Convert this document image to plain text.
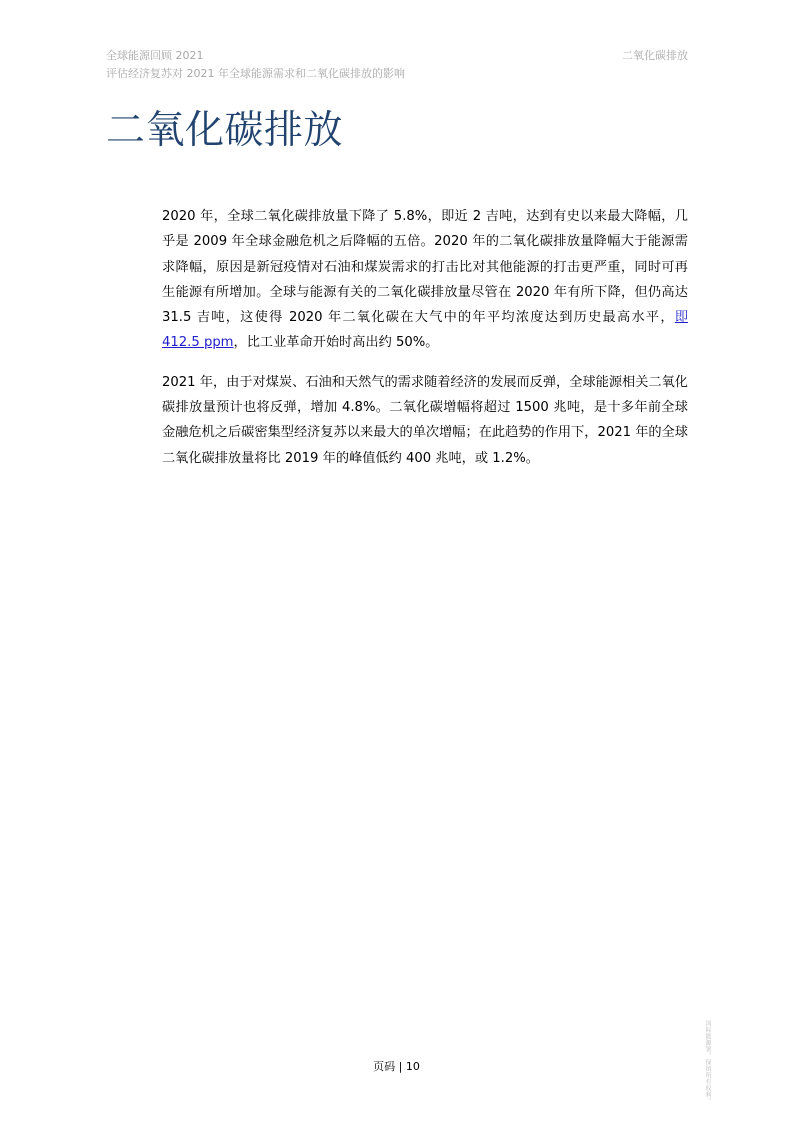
全球能源回顾 2021
评估经济复苏对 2021 年全球能源需求和二氧化碳排放的影响
二氧化碳排放
二氧化碳排放

2020 年，全球二氧化碳排放量下降了 5.8%，即近 2 吉吨，达到有史以来最大降幅，几乎是 2009 年全球金融危机之后降幅的五倍。2020 年的二氧化碳排放量降幅大于能源需求降幅，原因是新冠疫情对石油和煤炭需求的打击比对其他能源的打击更严重，同时可再生能源有所增加。全球与能源有关的二氧化碳排放量尽管在 2020 年有所下降，但仍高达 31.5 吉吨，这使得 2020 年二氧化碳在大气中的年平均浓度达到历史最高水平，即 412.5 ppm，比工业革命开始时高出约 50%。

2021 年，由于对煤炭、石油和天然气的需求随着经济的发展而反弹，全球能源相关二氧化碳排放量预计也将反弹，增加 4.8%。二氧化碳增幅将超过 1500 兆吨，是十多年前全球金融危机之后碳密集型经济复苏以来最大的单次增幅；在此趋势的作用下，2021 年的全球二氧化碳排放量将比 2019 年的峰值低约 400 兆吨，或 1.2%。

国际能源署。保留所有权利。
页码 | 10
